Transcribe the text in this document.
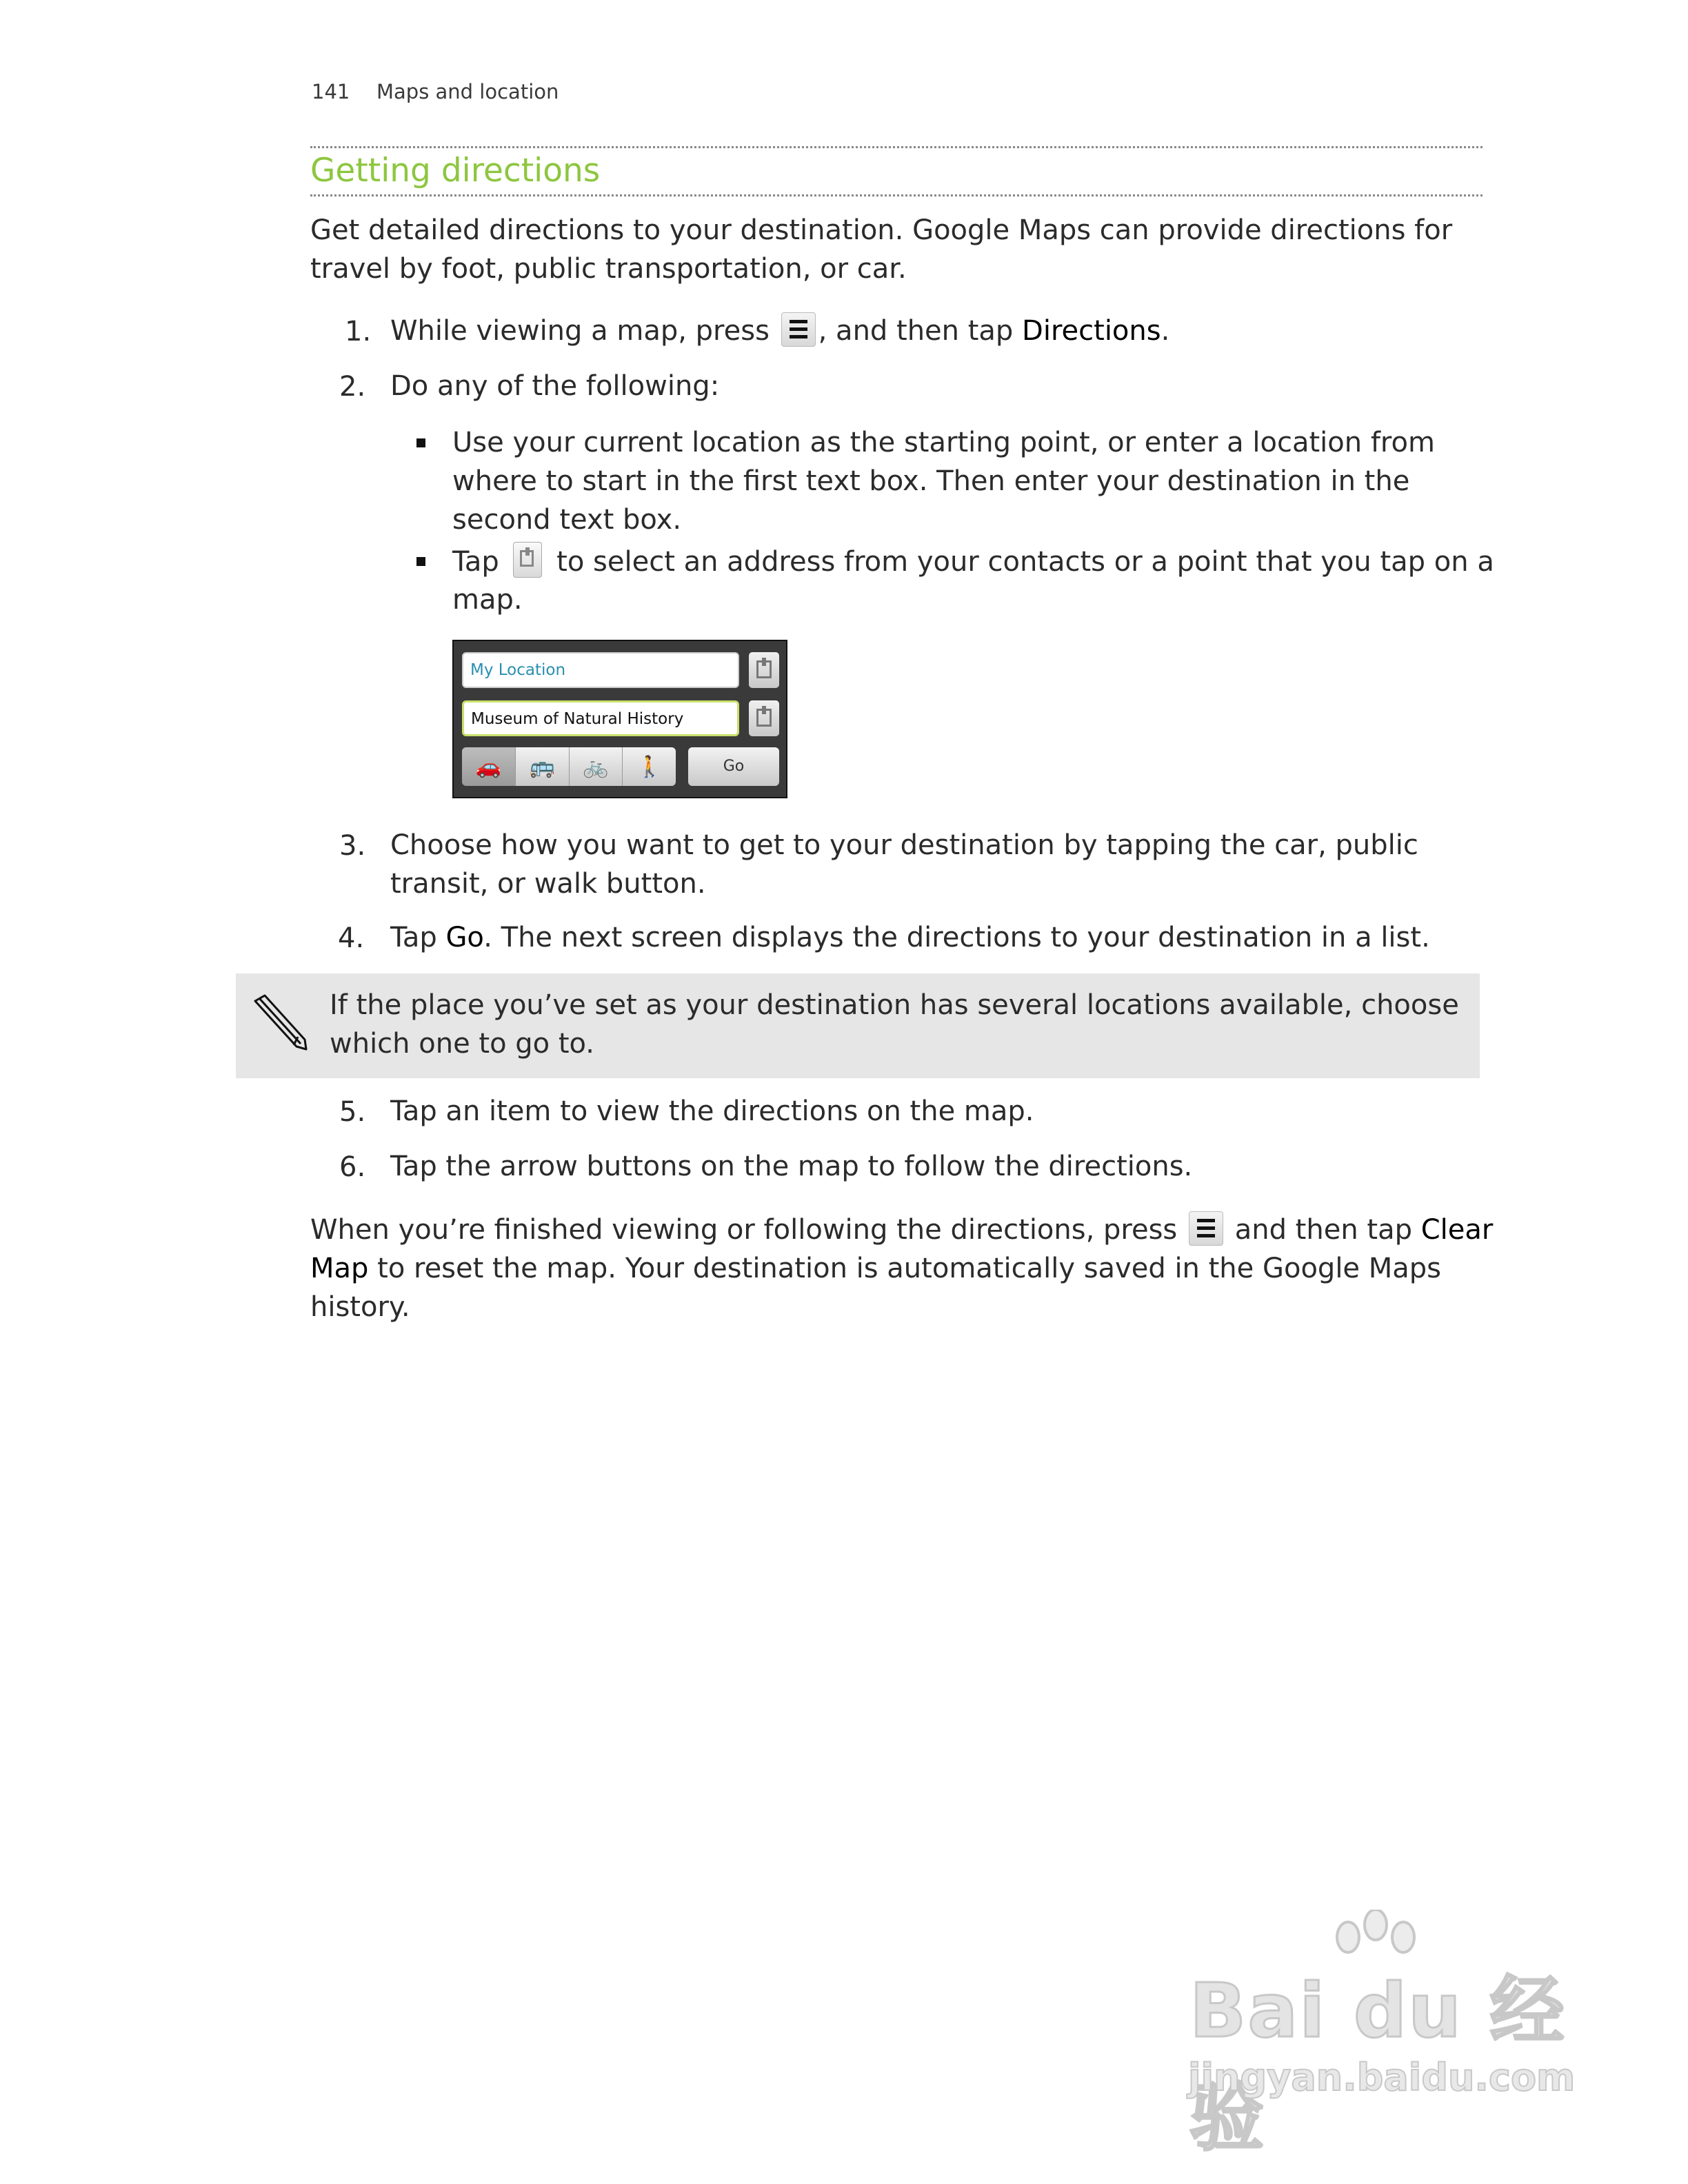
141 Maps and location
Getting directions
Get detailed directions to your destination. Google Maps can provide directions for
travel by foot, public transportation, or car.
1. While viewing a map, press , and then tap Directions.
2. Do any of the following:
Use your current location as the starting point, or enter a location from
where to start in the first text box. Then enter your destination in the
second text box.
Tap to select an address from your contacts or a point that you tap on a
map.
My Location
Museum of Natural History
🚗	🚌	🚲	🚶	Go
3. Choose how you want to get to your destination by tapping the car, public
transit, or walk button.
4. Tap Go. The next screen displays the directions to your destination in a list.
If the place you’ve set as your destination has several locations available, choose
which one to go to.
5. Tap an item to view the directions on the map.
6. Tap the arrow buttons on the map to follow the directions.
When you’re finished viewing or following the directions, press
and then tap Clear
Map to reset the map. Your destination is automatically saved in the Google Maps
history.
Bai du 经验
jingyan.baidu.com
